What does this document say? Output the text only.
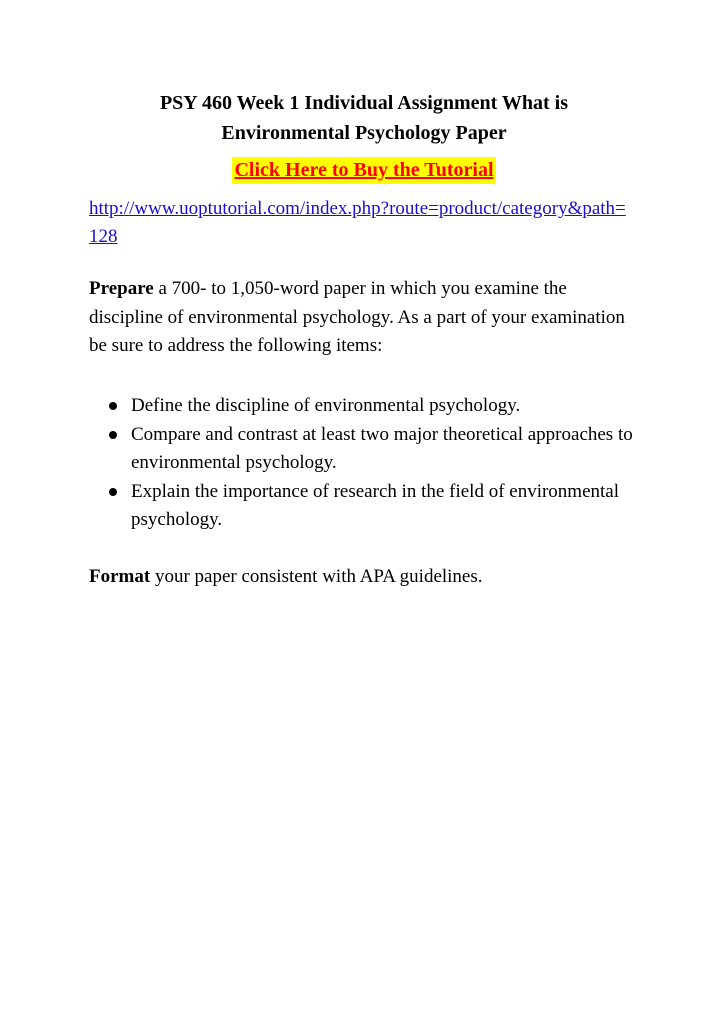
PSY 460 Week 1 Individual Assignment What is
Environmental Psychology Paper
Click Here to Buy the Tutorial
http://www.uoptutorial.com/index.php?route=product/category&path=128
Prepare a 700- to 1,050-word paper in which you examine the discipline of environmental psychology. As a part of your examination be sure to address the following items:
Define the discipline of environmental psychology.
Compare and contrast at least two major theoretical approaches to environmental psychology.
Explain the importance of research in the field of environmental psychology.
Format your paper consistent with APA guidelines.
